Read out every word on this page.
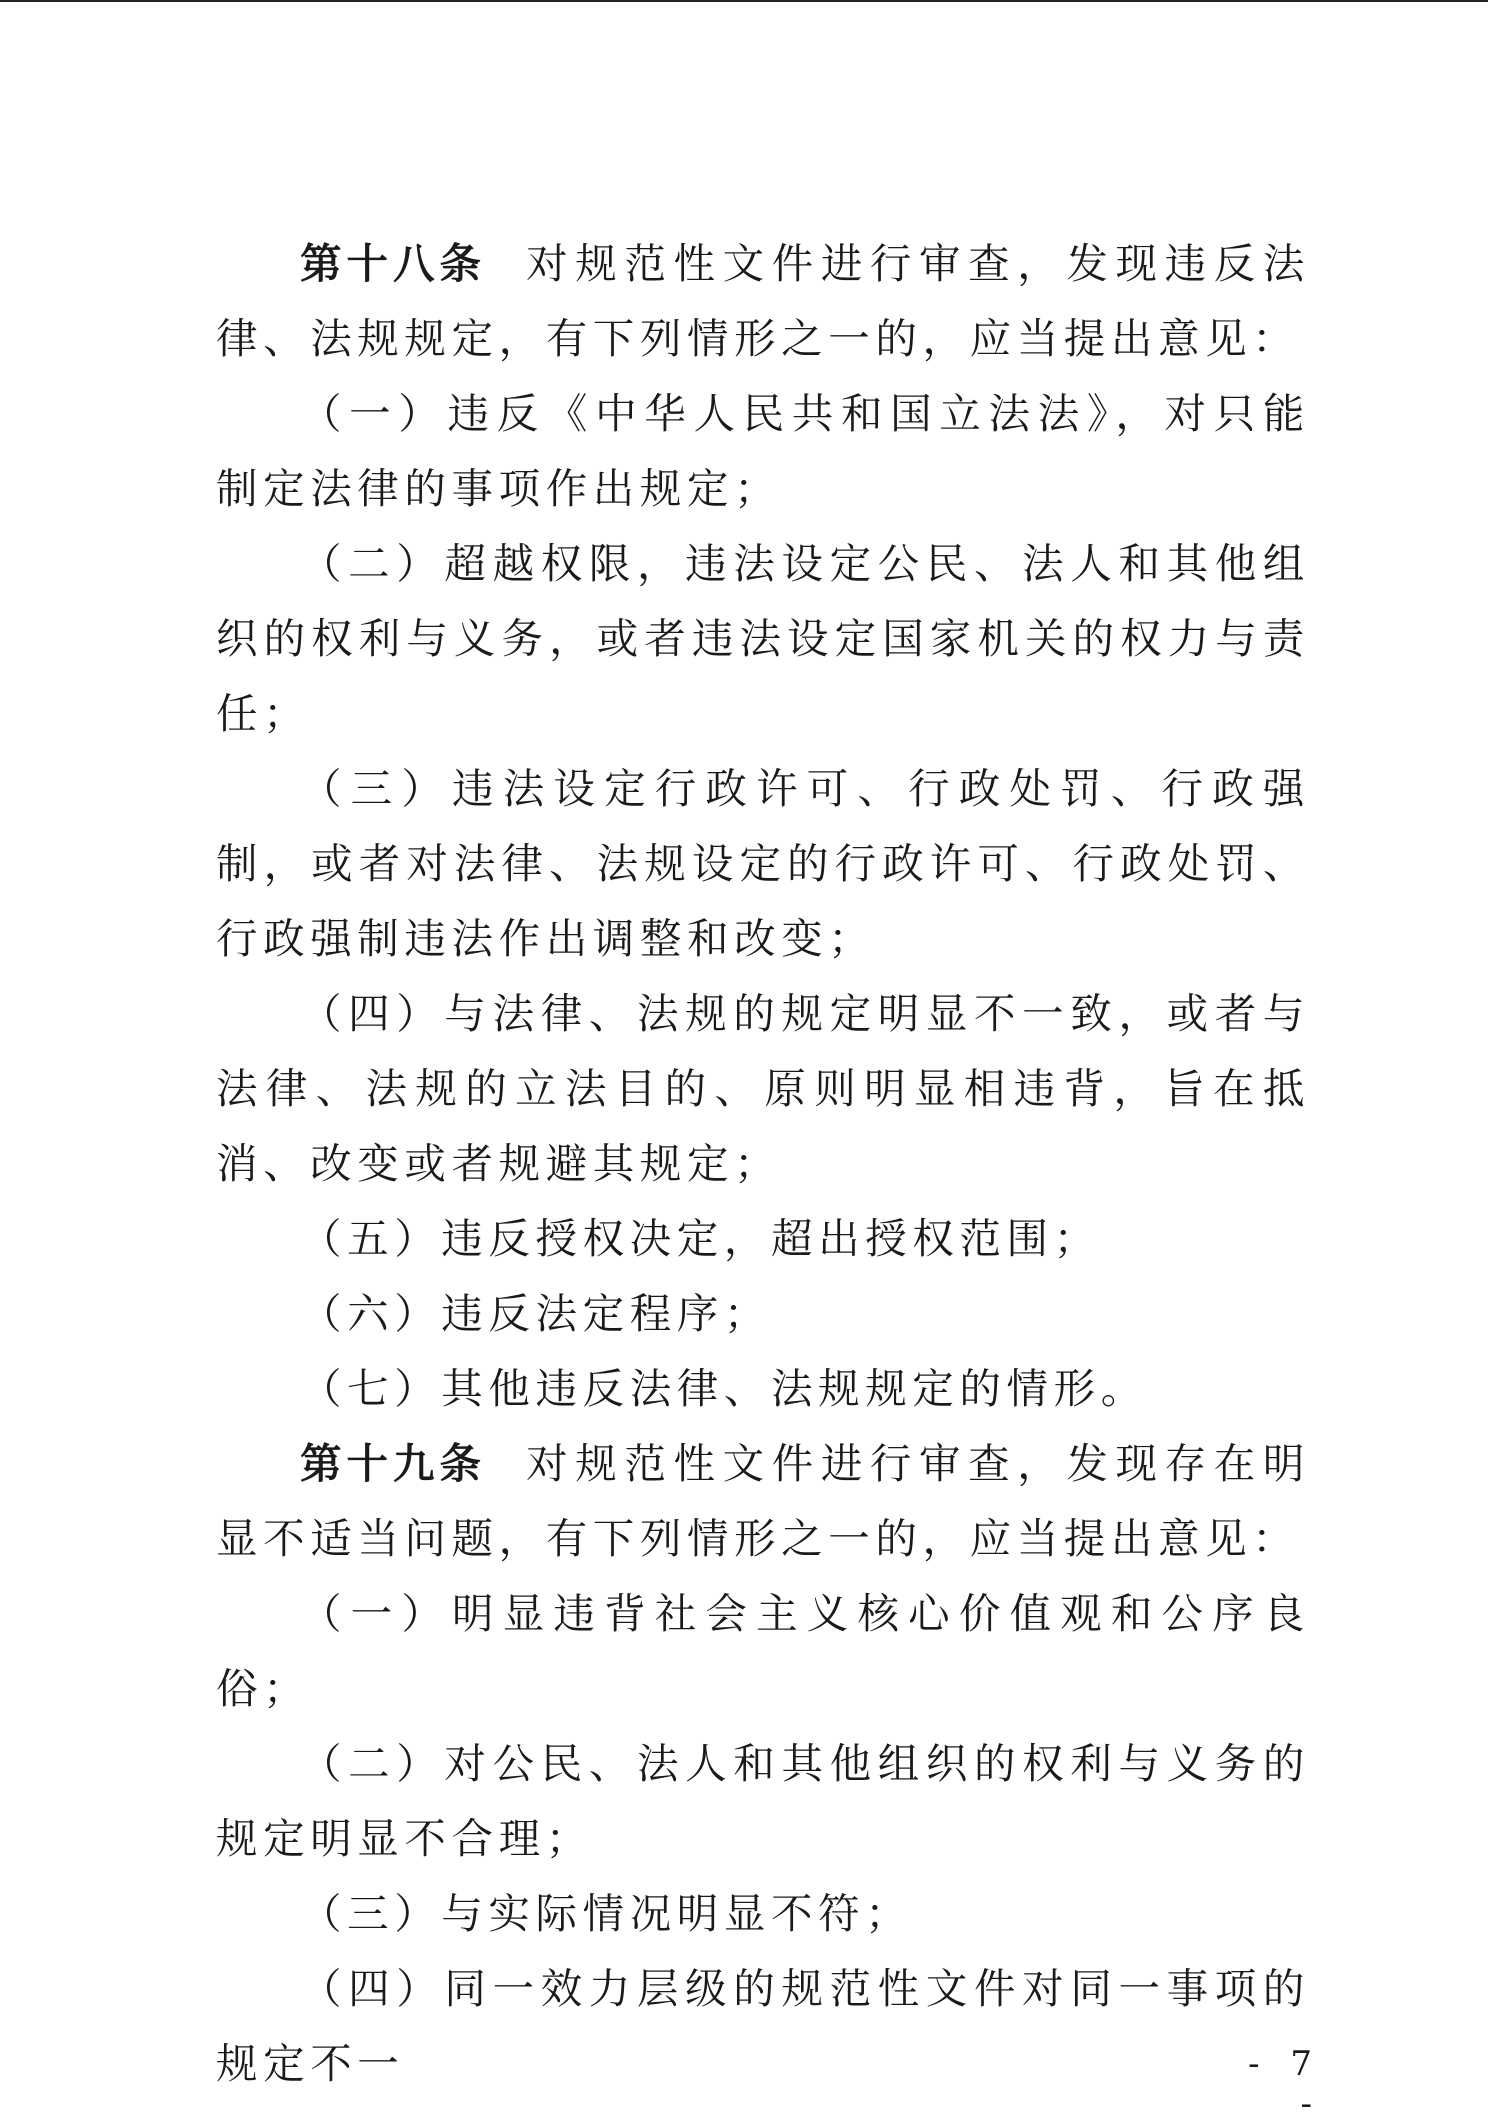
第十八条 对规范性文件进行审查，发现违反法律、法规规定，有下列情形之一的，应当提出意见：

（一）违反《中华人民共和国立法法》，对只能制定法律的事项作出规定；

（二）超越权限，违法设定公民、法人和其他组织的权利与义务，或者违法设定国家机关的权力与责任；

（三）违法设定行政许可、行政处罚、行政强制，或者对法律、法规设定的行政许可、行政处罚、行政强制违法作出调整和改变；

（四）与法律、法规的规定明显不一致，或者与法律、法规的立法目的、原则明显相违背，旨在抵消、改变或者规避其规定；

（五）违反授权决定，超出授权范围；

（六）违反法定程序；

（七）其他违反法律、法规规定的情形。

第十九条 对规范性文件进行审查，发现存在明显不适当问题，有下列情形之一的，应当提出意见：

（一）明显违背社会主义核心价值观和公序良俗；

（二）对公民、法人和其他组织的权利与义务的规定明显不合理；

（三）与实际情况明显不符；

（四）同一效力层级的规范性文件对同一事项的规定不一	- 7 -
